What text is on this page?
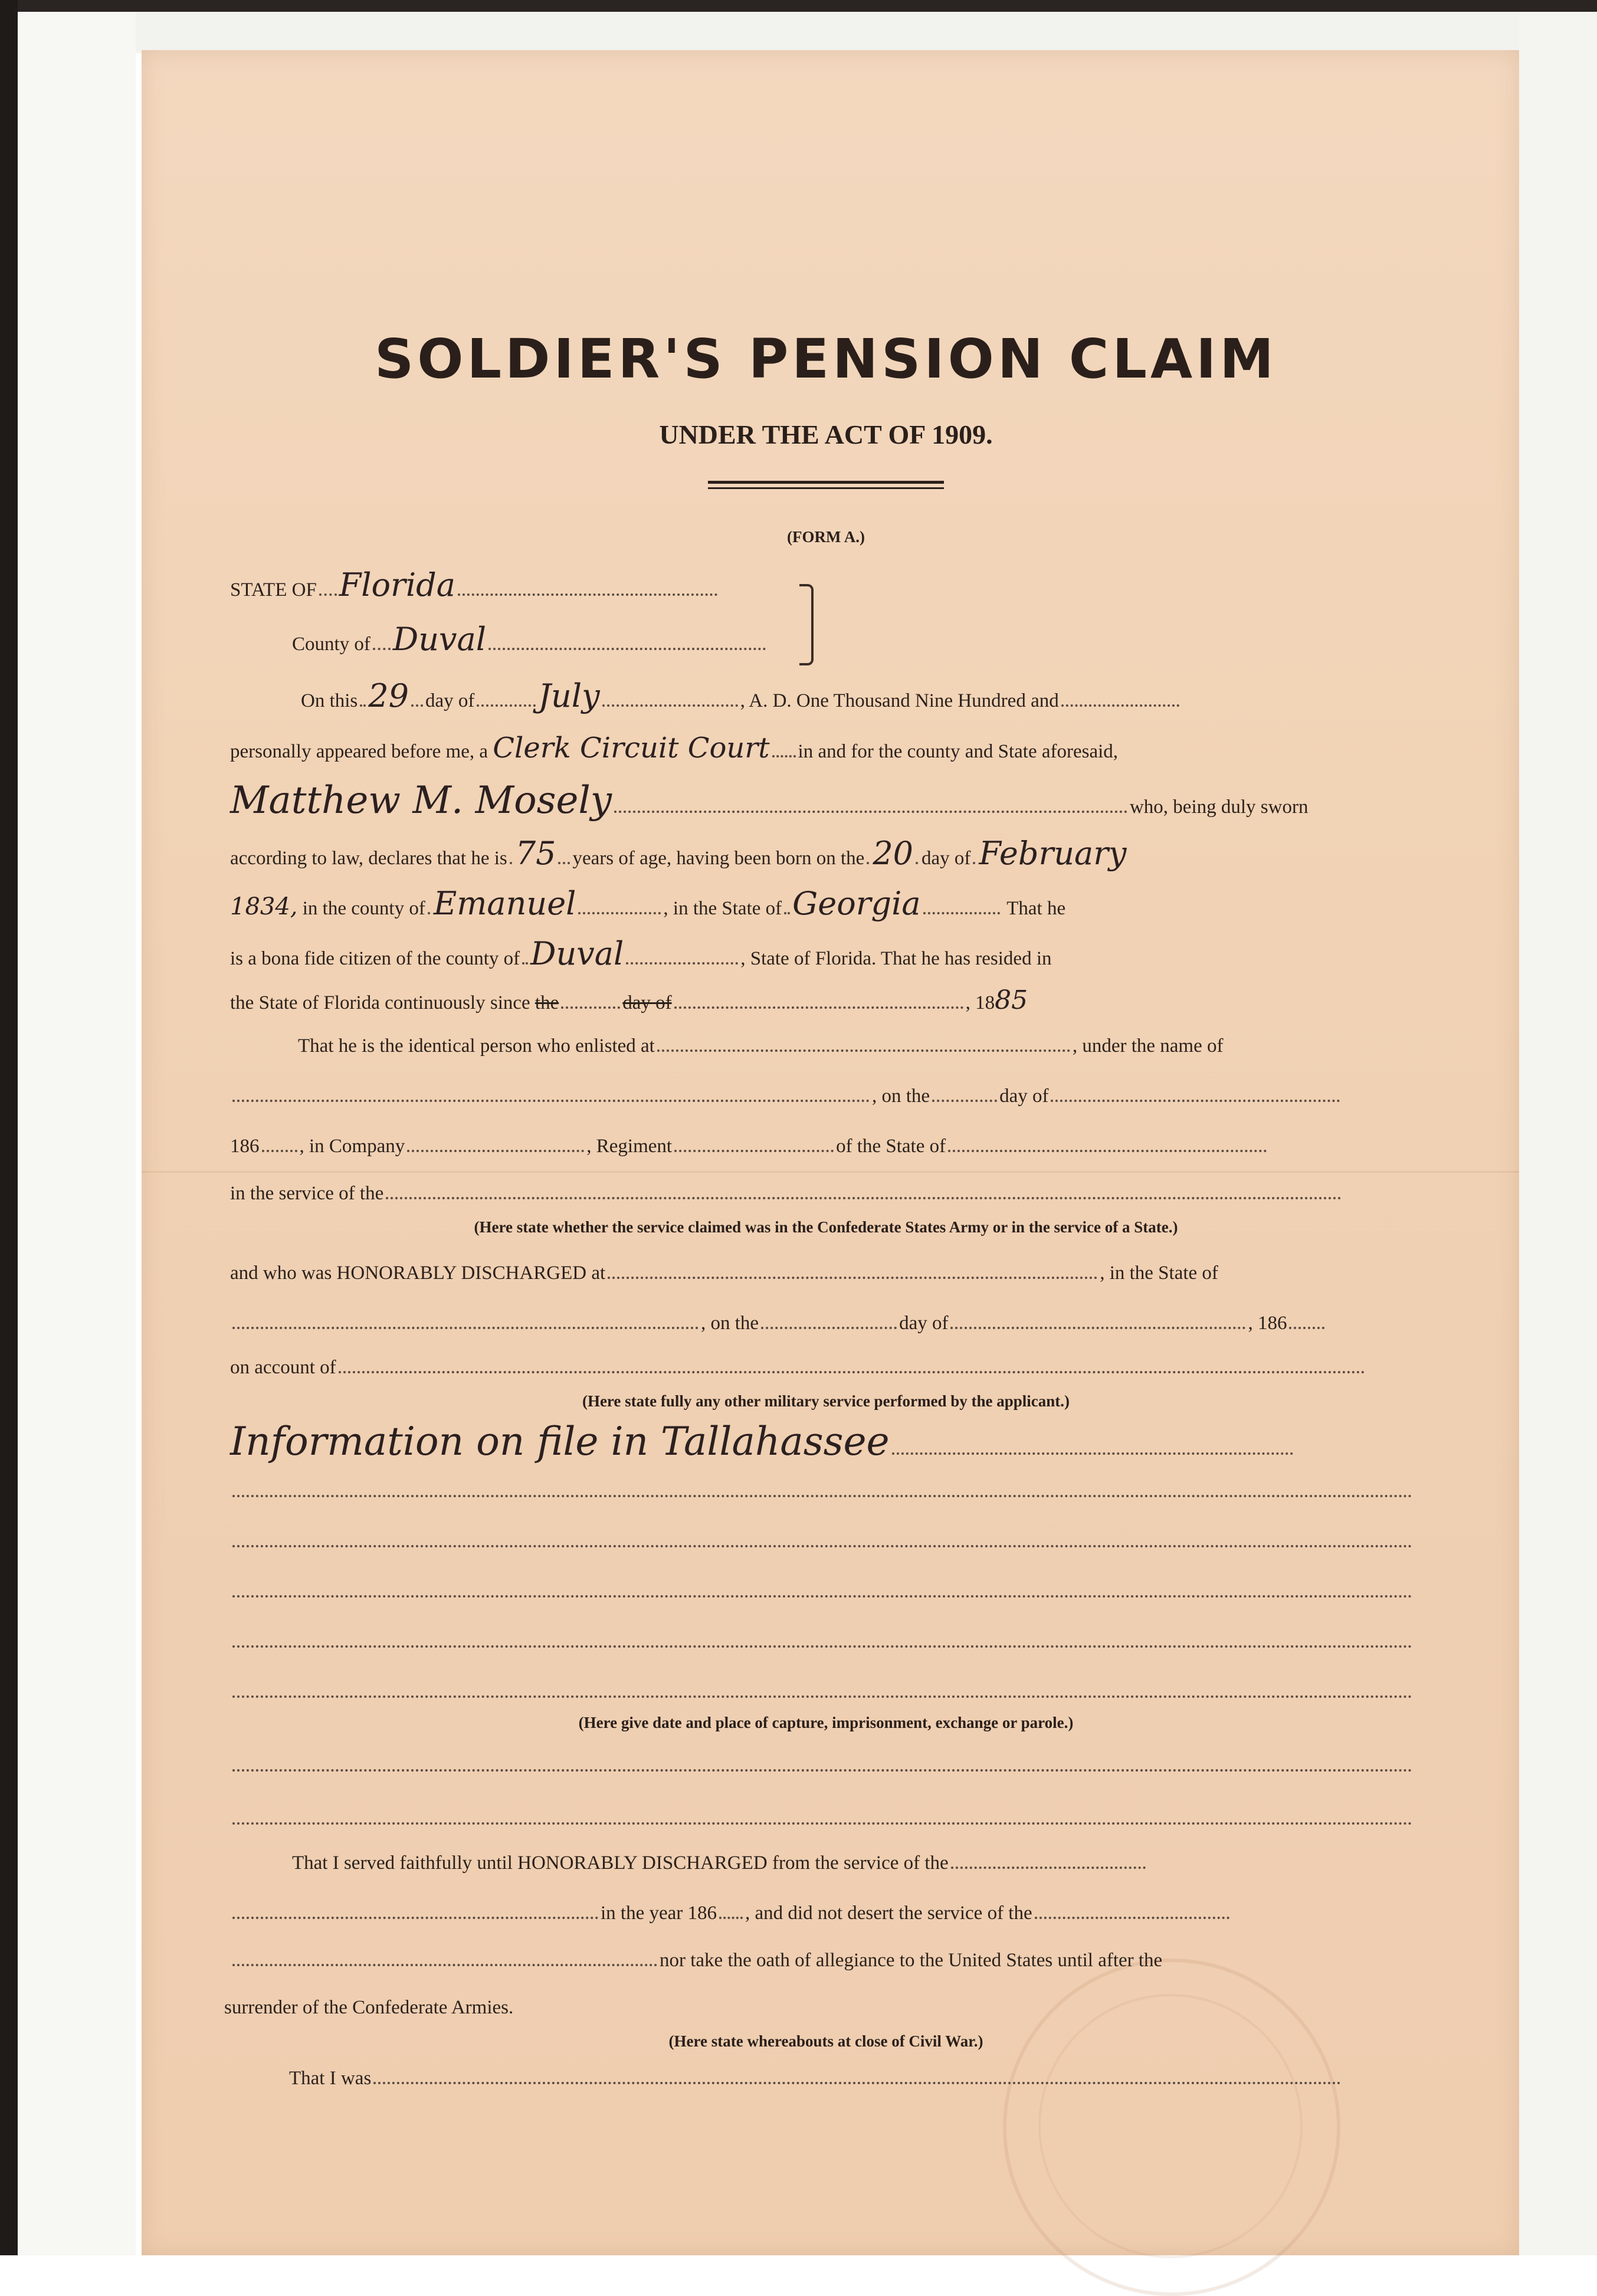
SOLDIER'S PENSION CLAIM
UNDER THE ACT OF 1909.
(FORM A.)
STATE OF Florida
County of Duval
On this 29 day of July	, A. D. One Thousand Nine Hundred and
personally appeared before me, a Clerk Circuit Court in and for the county and State aforesaid,
Matthew M. Mosely	who, being duly sworn
according to law, declares that he is 75 years of age, having been born on the 20 day of February
1834, in the county of Emanuel	, in the State of Georgia	That he
is a bona fide citizen of the county of Duval	, State of Florida. That he has resided in
the State of Florida continuously since the	day of	, 1885
That he is the identical person who enlisted at	, under the name of
, on the	day of
186 , in Company	, Regiment	of the State of
in the service of the
(Here state whether the service claimed was in the Confederate States Army or in the service of a State.)
and who was HONORABLY DISCHARGED at	, in the State of
, on the	day of	, 186
on account of
(Here state fully any other military service performed by the applicant.)
Information on file in Tallahassee
(Here give date and place of capture, imprisonment, exchange or parole.)
That I served faithfully until HONORABLY DISCHARGED from the service of the
in the year 186 , and did not desert the service of the
nor take the oath of allegiance to the United States until after the
surrender of the Confederate Armies.
(Here state whereabouts at close of Civil War.)
That I was
